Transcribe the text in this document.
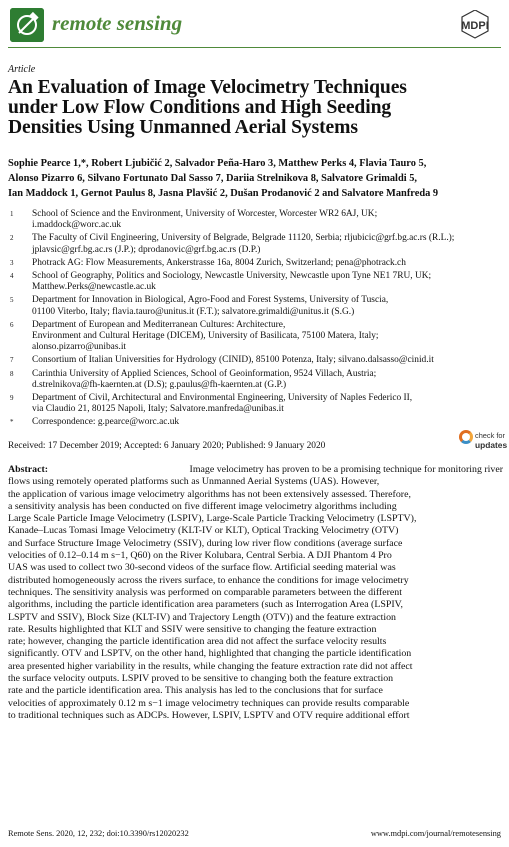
remote sensing	MDPI
Article
An Evaluation of Image Velocimetry Techniques
under Low Flow Conditions and High Seeding
Densities Using Unmanned Aerial Systems
Sophie Pearce 1,*, Robert Ljubičić 2, Salvador Peña-Haro 3, Matthew Perks 4, Flavia Tauro 5,
Alonso Pizarro 6, Silvano Fortunato Dal Sasso 7, Dariia Strelnikova 8, Salvatore Grimaldi 5,
Ian Maddock 1, Gernot Paulus 8, Jasna Plavšić 2, Dušan Prodanović 2 and Salvatore Manfreda 9
1	School of Science and the Environment, University of Worcester, Worcester WR2 6AJ, UK;
i.maddock@worc.ac.uk
2	The Faculty of Civil Engineering, University of Belgrade, Belgrade 11120, Serbia; rljubicic@grf.bg.ac.rs (R.L.);
jplavsic@grf.bg.ac.rs (J.P.); dprodanovic@grf.bg.ac.rs (D.P.)
3	Photrack AG: Flow Measurements, Ankerstrasse 16a, 8004 Zurich, Switzerland; pena@photrack.ch
4	School of Geography, Politics and Sociology, Newcastle University, Newcastle upon Tyne NE1 7RU, UK;
Matthew.Perks@newcastle.ac.uk
5	Department for Innovation in Biological, Agro-Food and Forest Systems, University of Tuscia,
01100 Viterbo, Italy; flavia.tauro@unitus.it (F.T.); salvatore.grimaldi@unitus.it (S.G.)
6	Department of European and Mediterranean Cultures: Architecture,
Environment and Cultural Heritage (DICEM), University of Basilicata, 75100 Matera, Italy;
alonso.pizarro@unibas.it
7	Consortium of Italian Universities for Hydrology (CINID), 85100 Potenza, Italy; silvano.dalsasso@cinid.it
8	Carinthia University of Applied Sciences, School of Geoinformation, 9524 Villach, Austria;
d.strelnikova@fh-kaernten.at (D.S); g.paulus@fh-kaernten.at (G.P.)
9	Department of Civil, Architectural and Environmental Engineering, University of Naples Federico II,
via Claudio 21, 80125 Napoli, Italy; Salvatore.manfreda@unibas.it
*	Correspondence: g.pearce@worc.ac.uk
Received: 17 December 2019; Accepted: 6 January 2020; Published: 9 January 2020
check for
updates
Abstract:	Image velocimetry has proven to be a promising technique for monitoring river
flows using remotely operated platforms such as Unmanned Aerial Systems (UAS). However,
the application of various image velocimetry algorithms has not been extensively assessed. Therefore,
a sensitivity analysis has been conducted on five different image velocimetry algorithms including
Large Scale Particle Image Velocimetry (LSPIV), Large-Scale Particle Tracking Velocimetry (LSPTV),
Kanade–Lucas Tomasi Image Velocimetry (KLT-IV or KLT), Optical Tracking Velocimetry (OTV)
and Surface Structure Image Velocimetry (SSIV), during low river flow conditions (average surface
velocities of 0.12–0.14 m s−1, Q60) on the River Kolubara, Central Serbia. A DJI Phantom 4 Pro
UAS was used to collect two 30-second videos of the surface flow. Artificial seeding material was
distributed homogeneously across the rivers surface, to enhance the conditions for image velocimetry
techniques. The sensitivity analysis was performed on comparable parameters between the different
algorithms, including the particle identification area parameters (such as Interrogation Area (LSPIV,
LSPTV and SSIV), Block Size (KLT-IV) and Trajectory Length (OTV)) and the feature extraction
rate. Results highlighted that KLT and SSIV were sensitive to changing the feature extraction
rate; however, changing the particle identification area did not affect the surface velocity results
significantly. OTV and LSPTV, on the other hand, highlighted that changing the particle identification
area presented higher variability in the results, while changing the feature extraction rate did not affect
the surface velocity outputs. LSPIV proved to be sensitive to changing both the feature extraction
rate and the particle identification area. This analysis has led to the conclusions that for surface
velocities of approximately 0.12 m s−1 image velocimetry techniques can provide results comparable
to traditional techniques such as ADCPs. However, LSPIV, LSPTV and OTV require additional effort
Remote Sens. 2020, 12, 232; doi:10.3390/rs12020232	www.mdpi.com/journal/remotesensing
